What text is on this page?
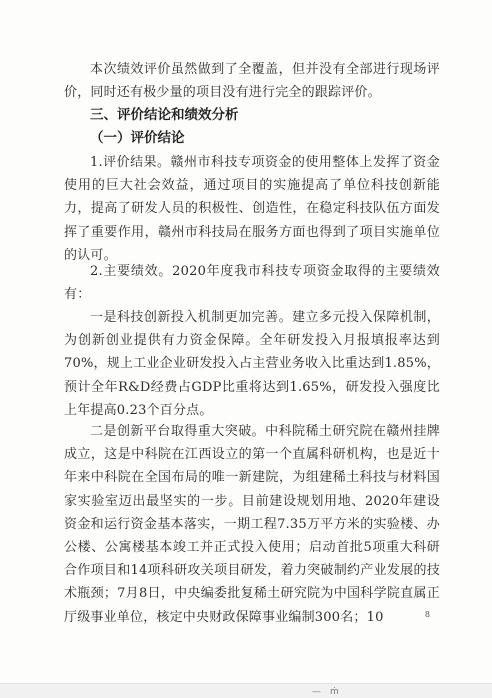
本次绩效评价虽然做到了全覆盖，但并没有全部进行现场评价，同时还有极少量的项目没有进行完全的跟踪评价。

三、评价结论和绩效分析

（一）评价结论

1.评价结果。赣州市科技专项资金的使用整体上发挥了资金使用的巨大社会效益，通过项目的实施提高了单位科技创新能力，提高了研发人员的积极性、创造性，在稳定科技队伍方面发挥了重要作用，赣州市科技局在服务方面也得到了项目实施单位的认可。

2.主要绩效。2020年度我市科技专项资金取得的主要绩效有：

一是科技创新投入机制更加完善。建立多元投入保障机制，为创新创业提供有力资金保障。全年研发投入月报填报率达到70%，规上工业企业研发投入占主营业务收入比重达到1.85%，预计全年R&D经费占GDP比重将达到1.65%，研发投入强度比上年提高0.23个百分点。

二是创新平台取得重大突破。中科院稀土研究院在赣州挂牌成立，这是中科院在江西设立的第一个直属科研机构，也是近十年来中科院在全国布局的唯一新建院，为组建稀土科技与材料国家实验室迈出最坚实的一步。目前建设规划用地、2020年建设资金和运行资金基本落实，一期工程7.35万平方米的实验楼、办公楼、公寓楼基本竣工并正式投入使用；启动首批5项重大科研合作项目和14项科研攻关项目研发，着力突破制约产业发展的技术瓶颈；7月8日，中央编委批复稀土研究院为中国科学院直属正厅级事业单位，核定中央财政保障事业编制300名；10	8
— ṁ
